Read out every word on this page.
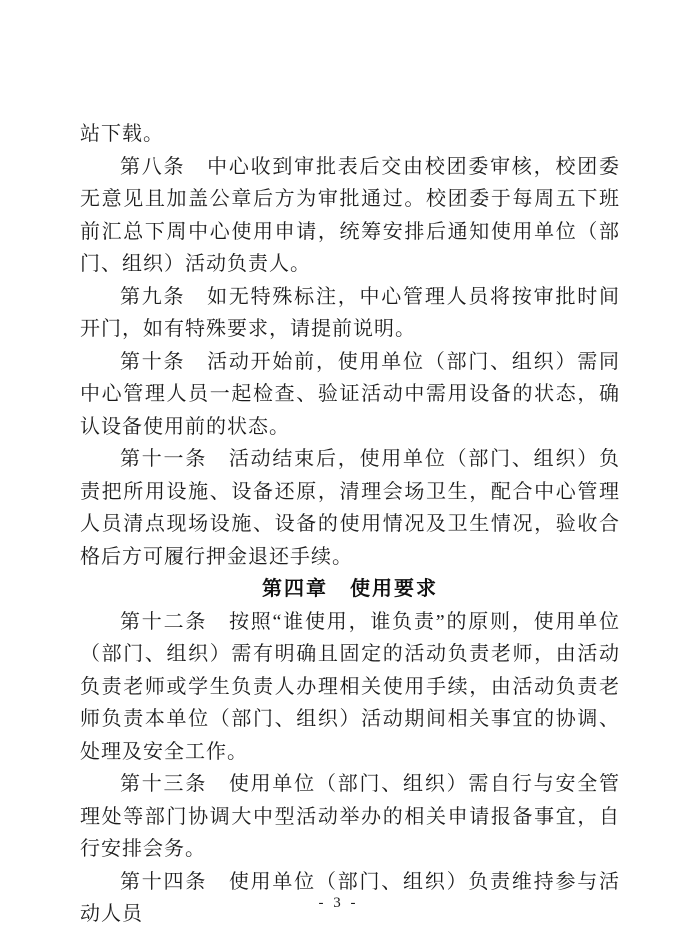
站下载。

第八条　中心收到审批表后交由校团委审核，校团委无意见且加盖公章后方为审批通过。校团委于每周五下班前汇总下周中心使用申请，统筹安排后通知使用单位（部门、组织）活动负责人。

第九条　如无特殊标注，中心管理人员将按审批时间开门，如有特殊要求，请提前说明。

第十条　活动开始前，使用单位（部门、组织）需同中心管理人员一起检查、验证活动中需用设备的状态，确认设备使用前的状态。

第十一条　活动结束后，使用单位（部门、组织）负责把所用设施、设备还原，清理会场卫生，配合中心管理人员清点现场设施、设备的使用情况及卫生情况，验收合格后方可履行押金退还手续。

第四章　使用要求

第十二条　按照“谁使用，谁负责”的原则，使用单位（部门、组织）需有明确且固定的活动负责老师，由活动负责老师或学生负责人办理相关使用手续，由活动负责老师负责本单位（部门、组织）活动期间相关事宜的协调、处理及安全工作。

第十三条　使用单位（部门、组织）需自行与安全管理处等部门协调大中型活动举办的相关申请报备事宜，自行安排会务。

第十四条　使用单位（部门、组织）负责维持参与活动人员	- 3 -
